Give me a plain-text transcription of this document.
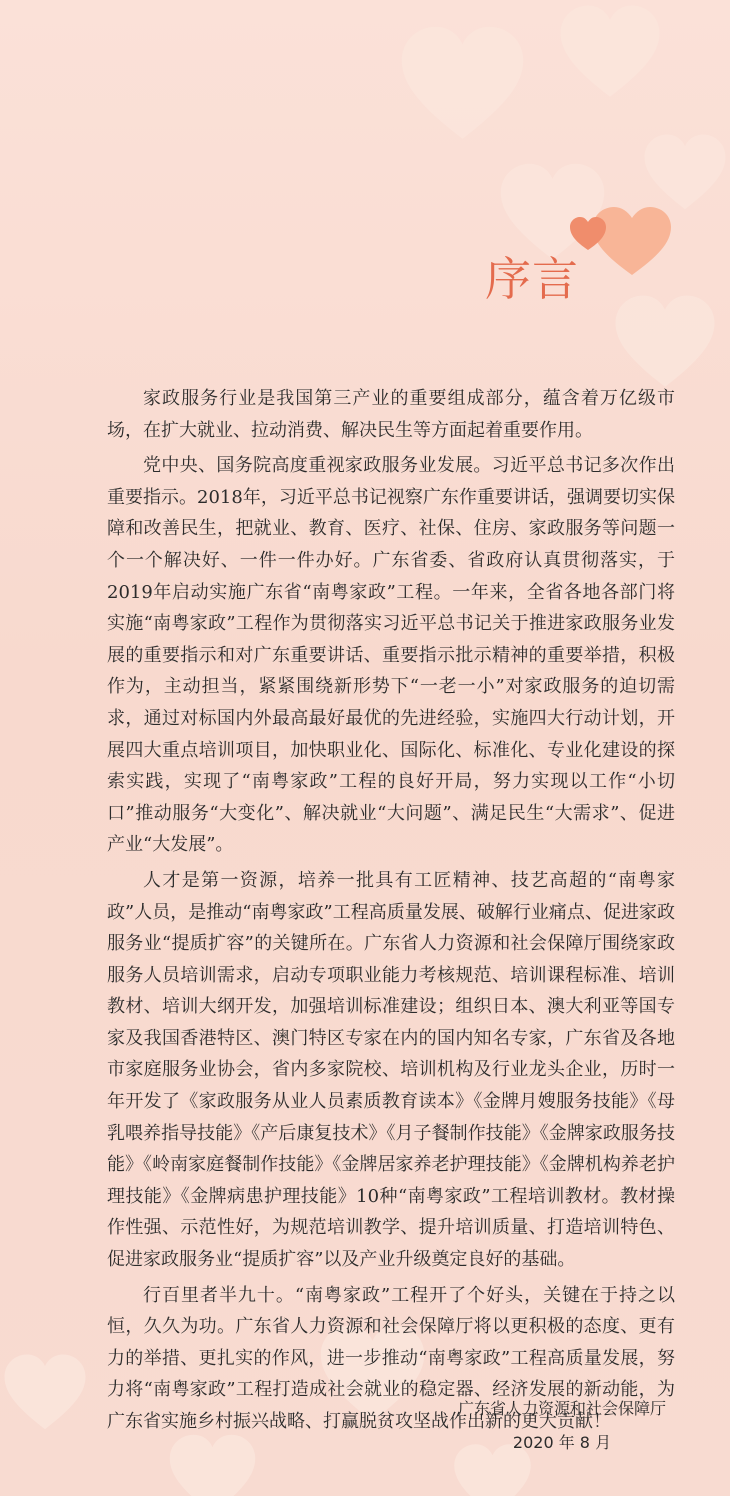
序言

家政服务行业是我国第三产业的重要组成部分，蕴含着万亿级市场，在扩大就业、拉动消费、解决民生等方面起着重要作用。

党中央、国务院高度重视家政服务业发展。习近平总书记多次作出重要指示。2018年，习近平总书记视察广东作重要讲话，强调要切实保障和改善民生，把就业、教育、医疗、社保、住房、家政服务等问题一个一个解决好、一件一件办好。广东省委、省政府认真贯彻落实，于2019年启动实施广东省“南粤家政”工程。一年来，全省各地各部门将实施“南粤家政”工程作为贯彻落实习近平总书记关于推进家政服务业发展的重要指示和对广东重要讲话、重要指示批示精神的重要举措，积极作为，主动担当，紧紧围绕新形势下“一老一小”对家政服务的迫切需求，通过对标国内外最高最好最优的先进经验，实施四大行动计划，开展四大重点培训项目，加快职业化、国际化、标准化、专业化建设的探索实践，实现了“南粤家政”工程的良好开局，努力实现以工作“小切口”推动服务“大变化”、解决就业“大问题”、满足民生“大需求”、促进产业“大发展”。

人才是第一资源，培养一批具有工匠精神、技艺高超的“南粤家政”人员，是推动“南粤家政”工程高质量发展、破解行业痛点、促进家政服务业“提质扩容”的关键所在。广东省人力资源和社会保障厅围绕家政服务人员培训需求，启动专项职业能力考核规范、培训课程标准、培训教材、培训大纲开发，加强培训标准建设；组织日本、澳大利亚等国专家及我国香港特区、澳门特区专家在内的国内知名专家，广东省及各地市家庭服务业协会，省内多家院校、培训机构及行业龙头企业，历时一年开发了《家政服务从业人员素质教育读本》《金牌月嫂服务技能》《母乳喂养指导技能》《产后康复技术》《月子餐制作技能》《金牌家政服务技能》《岭南家庭餐制作技能》《金牌居家养老护理技能》《金牌机构养老护理技能》《金牌病患护理技能》10种“南粤家政”工程培训教材。教材操作性强、示范性好，为规范培训教学、提升培训质量、打造培训特色、促进家政服务业“提质扩容”以及产业升级奠定良好的基础。

行百里者半九十。“南粤家政”工程开了个好头，关键在于持之以恒，久久为功。广东省人力资源和社会保障厅将以更积极的态度、更有力的举措、更扎实的作风，进一步推动“南粤家政”工程高质量发展，努力将“南粤家政”工程打造成社会就业的稳定器、经济发展的新动能，为广东省实施乡村振兴战略、打赢脱贫攻坚战作出新的更大贡献！

广东省人力资源和社会保障厅
2020 年 8 月
